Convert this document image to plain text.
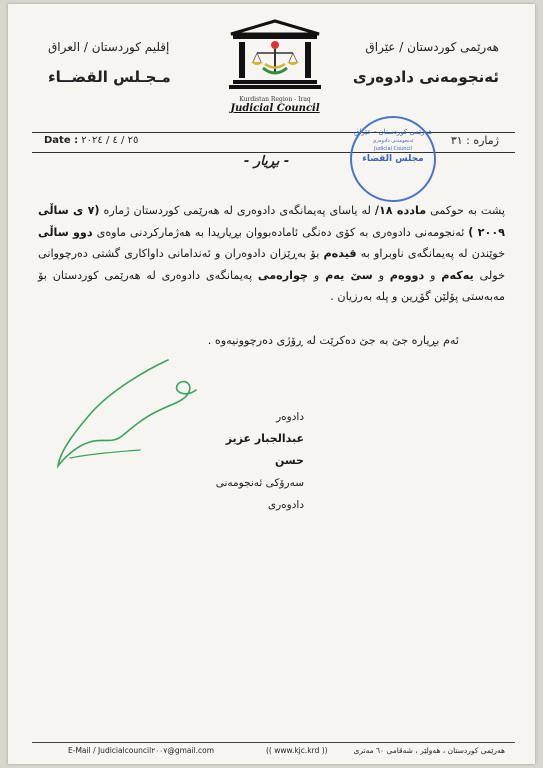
هەرێمی کوردستان / عێراق
ئەنجومەنی دادوەری
Kurdistan Region - Iraq
Judicial Council
إقليم كوردستان / العراق
مـجـلس القضــاء
ژمارە : ٣١
Date : ٢٥ / ٤ / ٢٠٢٤
هەرێمی کوردستان - عێراق
ئەنجومەنی دادوەری
Judicial Council
مجلس القضاء
- بڕیار -
پشت بە حوکمی مادده ١٨/ لە یاسای پەیمانگەی دادوەری لە هەرێمی کوردستان ژمارە (٧ ی ساڵی ٢٠٠٩ ) ئەنجومەنی دادوەری بە کۆی دەنگی ئامادەبووان بڕیاریدا بە هەژمارکردنی ماوەی دوو ساڵی خوێندن لە پەیمانگەی ناوبراو بە قیدەم بۆ بەڕێزان دادوەران و ئەندامانی داواکاری گشتی دەرچووانی خولی یەکەم و دووەم و سێ یەم و چوارەمی پەیمانگەی دادوەری لە هەرێمی کوردستان بۆ مەبەستی پۆلێن گۆڕین و پلە بەرزیان .
ئەم بڕیارە جێ بە جێ دەکرێت لە ڕۆژی دەرچوونیەوە .
دادوەر
عبدالجبار عزيز حسن
سەرۆکی ئەنجومەنی دادوەری
E-Mail / Judicialcouncil٢٠٠٧@gmail.com	(( www.kjc.krd ))	هەرێمی کوردستان ، هەولێر ، شەقامی ٦٠ مەتری
